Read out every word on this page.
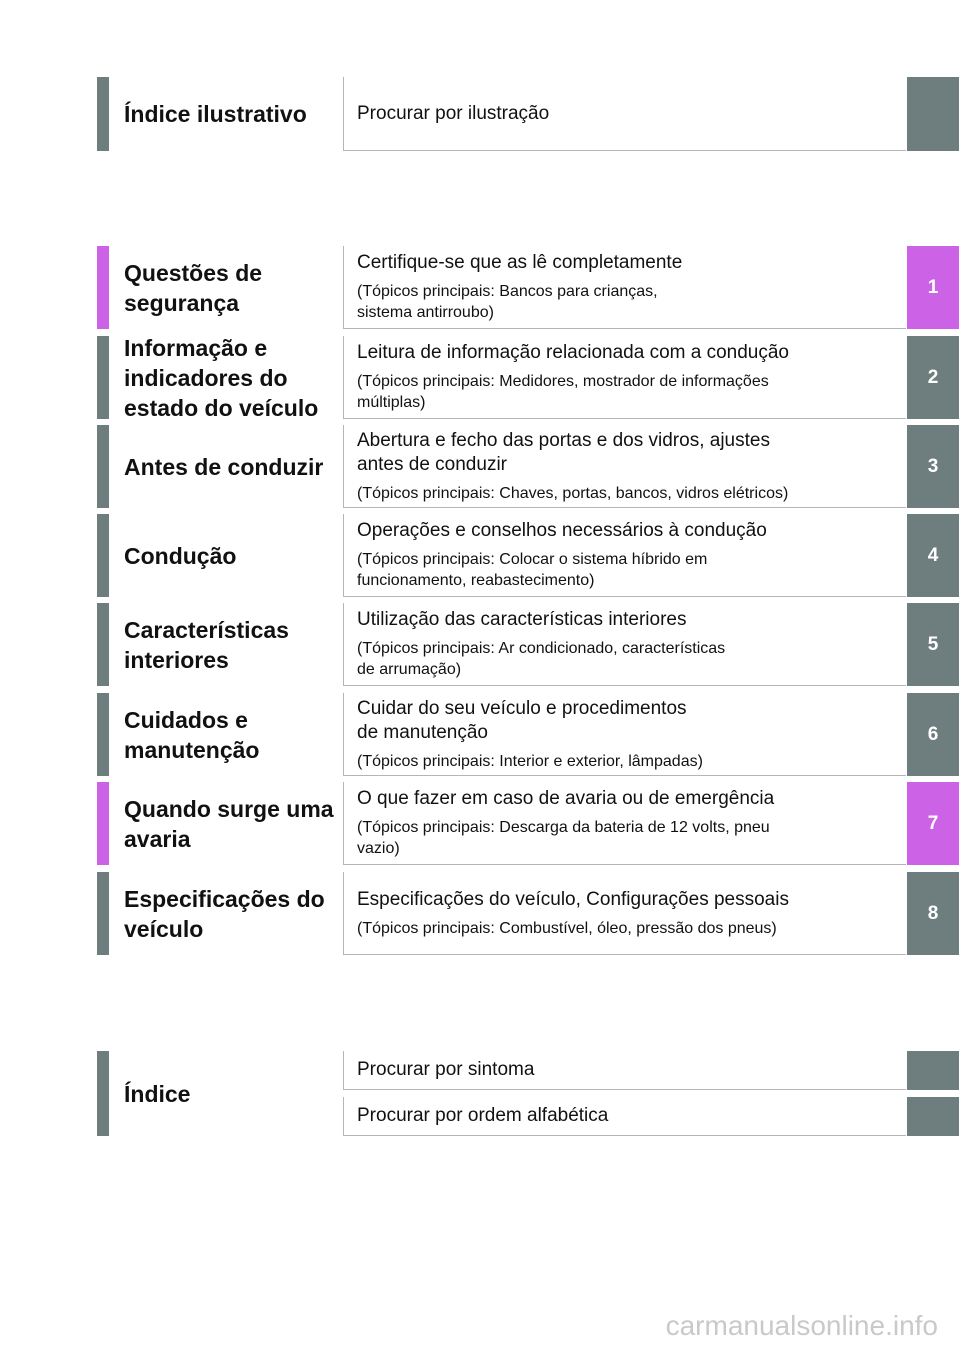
Índice ilustrativo	Procurar por ilustração
Questões de segurança
Certifique-se que as lê completamente
(Tópicos principais: Bancos para crianças,
sistema antirroubo)
1
Informação e indicadores do estado do veículo
Leitura de informação relacionada com a condução
(Tópicos principais: Medidores, mostrador de informações
múltiplas)
2
Antes de conduzir
Abertura e fecho das portas e dos vidros, ajustes
antes de conduzir
(Tópicos principais: Chaves, portas, bancos, vidros elétricos)
3
Condução
Operações e conselhos necessários à condução
(Tópicos principais: Colocar o sistema híbrido em
funcionamento, reabastecimento)
4
Características interiores
Utilização das características interiores
(Tópicos principais: Ar condicionado, características
de arrumação)
5
Cuidados e manutenção
Cuidar do seu veículo e procedimentos
de manutenção
(Tópicos principais: Interior e exterior, lâmpadas)
6
Quando surge uma avaria
O que fazer em caso de avaria ou de emergência
(Tópicos principais: Descarga da bateria de 12 volts, pneu
vazio)
7
Especificações do veículo
Especificações do veículo, Configurações pessoais
(Tópicos principais: Combustível, óleo, pressão dos pneus)
8
Índice
Procurar por sintoma
Procurar por ordem alfabética
carmanualsonline.info
